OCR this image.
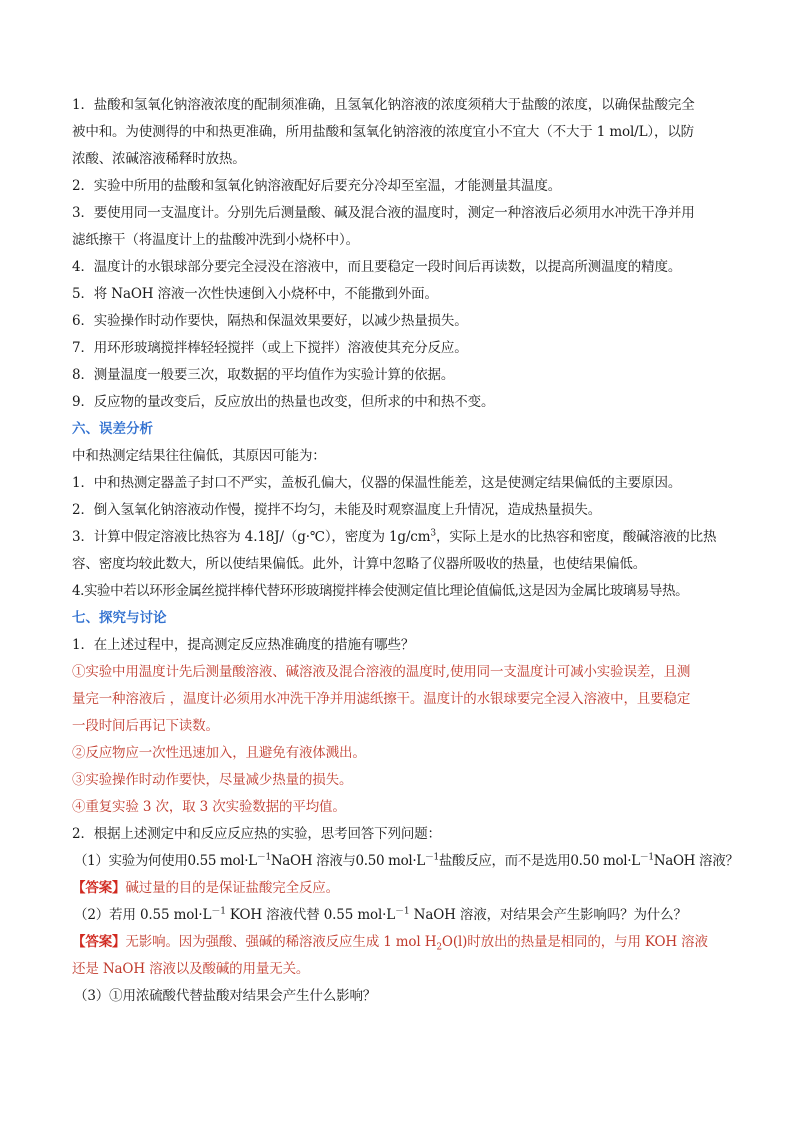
1．盐酸和氢氧化钠溶液浓度的配制须准确，且氢氧化钠溶液的浓度须稍大于盐酸的浓度，以确保盐酸完全
被中和。为使测得的中和热更准确，所用盐酸和氢氧化钠溶液的浓度宜小不宜大（不大于 1 mol/L），以防
浓酸、浓碱溶液稀释时放热。
2．实验中所用的盐酸和氢氧化钠溶液配好后要充分冷却至室温，才能测量其温度。
3．要使用同一支温度计。分别先后测量酸、碱及混合液的温度时，测定一种溶液后必须用水冲洗干净并用
滤纸擦干（将温度计上的盐酸冲洗到小烧杯中）。
4．温度计的水银球部分要完全浸没在溶液中，而且要稳定一段时间后再读数，以提高所测温度的精度。
5．将 NaOH 溶液一次性快速倒入小烧杯中，不能撒到外面。
6．实验操作时动作要快，隔热和保温效果要好，以减少热量损失。
7．用环形玻璃搅拌棒轻轻搅拌（或上下搅拌）溶液使其充分反应。
8．测量温度一般要三次，取数据的平均值作为实验计算的依据。
9．反应物的量改变后，反应放出的热量也改变，但所求的中和热不变。
六、误差分析
中和热测定结果往往偏低，其原因可能为：
1．中和热测定器盖子封口不严实，盖板孔偏大，仪器的保温性能差，这是使测定结果偏低的主要原因。
2．倒入氢氧化钠溶液动作慢，搅拌不均匀，未能及时观察温度上升情况，造成热量损失。
3．计算中假定溶液比热容为 4.18J/（g·℃），密度为 $1g/cm^3$，实际上是水的比热容和密度，酸碱溶液的比热
容、密度均较此数大，所以使结果偏低。此外，计算中忽略了仪器所吸收的热量，也使结果偏低。
4.实验中若以环形金属丝搅拌棒代替环形玻璃搅拌棒会使测定值比理论值偏低,这是因为金属比玻璃易导热。
七、探究与讨论
1．在上述过程中，提高测定反应热准确度的措施有哪些？
①实验中用温度计先后测量酸溶液、碱溶液及混合溶液的温度时,使用同一支温度计可减小实验误差，且测
量完一种溶液后 ，温度计必须用水冲洗干净并用滤纸擦干。温度计的水银球要完全浸入溶液中，且要稳定
一段时间后再记下读数。
②反应物应一次性迅速加入，且避免有液体溅出。
③实验操作时动作要快，尽量减少热量的损失。
④重复实验 3 次，取 3 次实验数据的平均值。
2．根据上述测定中和反应反应热的实验，思考回答下列问题：
（1）实验为何使用0.55 $mol\cdot L^{-1}NaOH$ 溶液与0.50 $mol\cdot L^{-1}$盐酸反应，而不是选用0.50 $mol\cdot L^{-1}NaOH$ 溶液？
【答案】碱过量的目的是保证盐酸完全反应。
（2）若用 0.55 $mol\cdot L^{-1}$ KOH 溶液代替 0.55 $mol\cdot L^{-1}$ NaOH 溶液，对结果会产生影响吗？为什么？
【答案】无影响。因为强酸、强碱的稀溶液反应生成 1 mol $H_2O(l)$时放出的热量是相同的，与用 KOH 溶液
还是 NaOH 溶液以及酸碱的用量无关。
（3）①用浓硫酸代替盐酸对结果会产生什么影响？
